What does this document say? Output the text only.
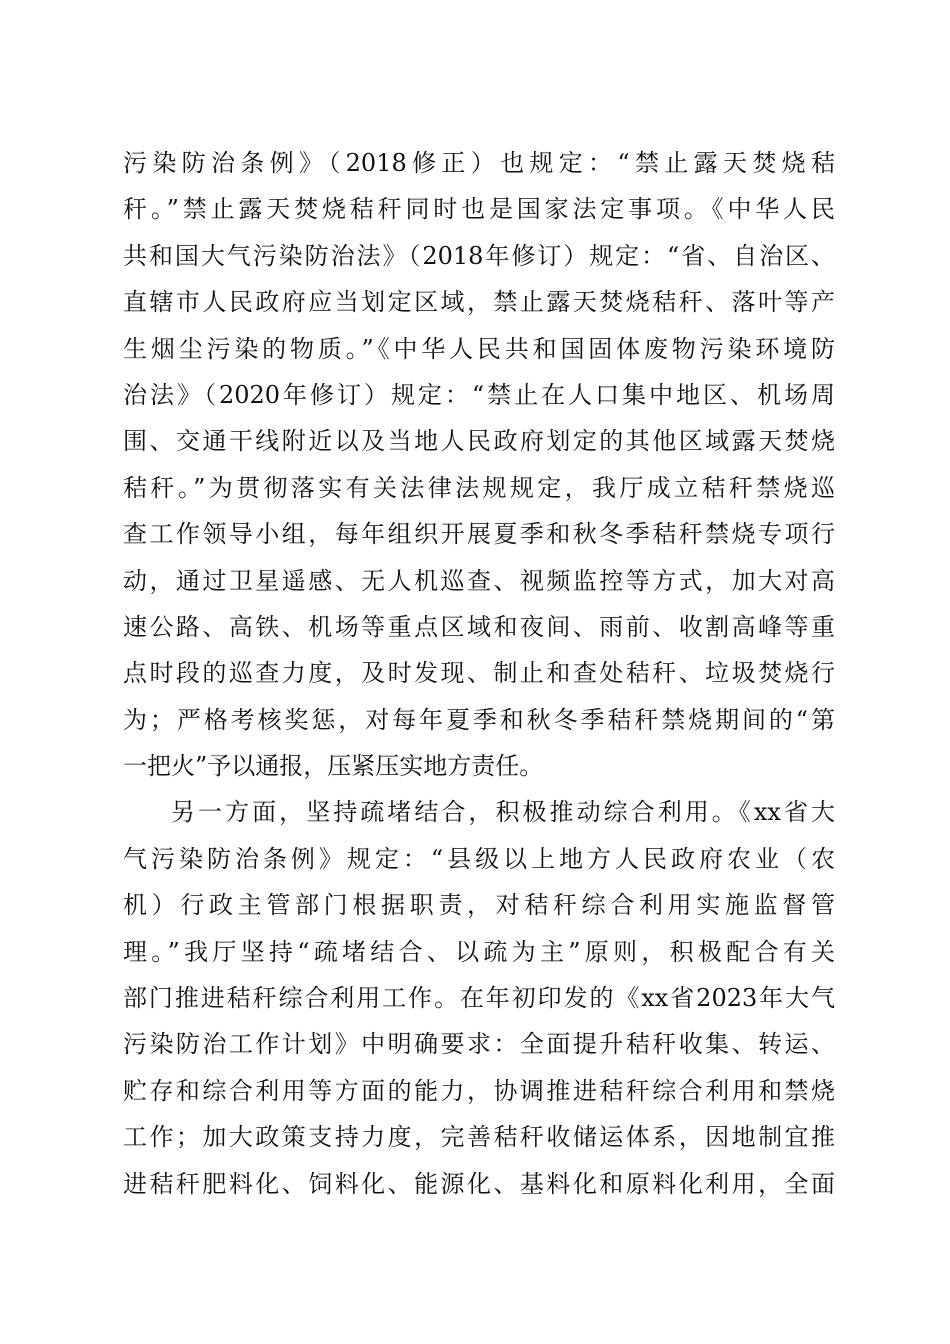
污染防治条例》（2018修正）也规定：“禁止露天焚烧秸
秆。”禁止露天焚烧秸秆同时也是国家法定事项。《中华人民
共和国大气污染防治法》（2018年修订）规定：“省、自治区、
直辖市人民政府应当划定区域，禁止露天焚烧秸秆、落叶等产
生烟尘污染的物质。”《中华人民共和国固体废物污染环境防
治法》（2020年修订）规定：“禁止在人口集中地区、机场周
围、交通干线附近以及当地人民政府划定的其他区域露天焚烧
秸秆。”为贯彻落实有关法律法规规定，我厅成立秸秆禁烧巡
查工作领导小组，每年组织开展夏季和秋冬季秸秆禁烧专项行
动，通过卫星遥感、无人机巡查、视频监控等方式，加大对高
速公路、高铁、机场等重点区域和夜间、雨前、收割高峰等重
点时段的巡查力度，及时发现、制止和查处秸秆、垃圾焚烧行
为；严格考核奖惩，对每年夏季和秋冬季秸秆禁烧期间的“第
一把火”予以通报，压紧压实地方责任。
另一方面，坚持疏堵结合，积极推动综合利用。《xx省大
气污染防治条例》规定：“县级以上地方人民政府农业（农
机）行政主管部门根据职责，对秸秆综合利用实施监督管
理。”我厅坚持“疏堵结合、以疏为主”原则，积极配合有关
部门推进秸秆综合利用工作。在年初印发的《xx省2023年大气
污染防治工作计划》中明确要求：全面提升秸秆收集、转运、
贮存和综合利用等方面的能力，协调推进秸秆综合利用和禁烧
工作；加大政策支持力度，完善秸秆收储运体系，因地制宜推
进秸秆肥料化、饲料化、能源化、基料化和原料化利用，全面
